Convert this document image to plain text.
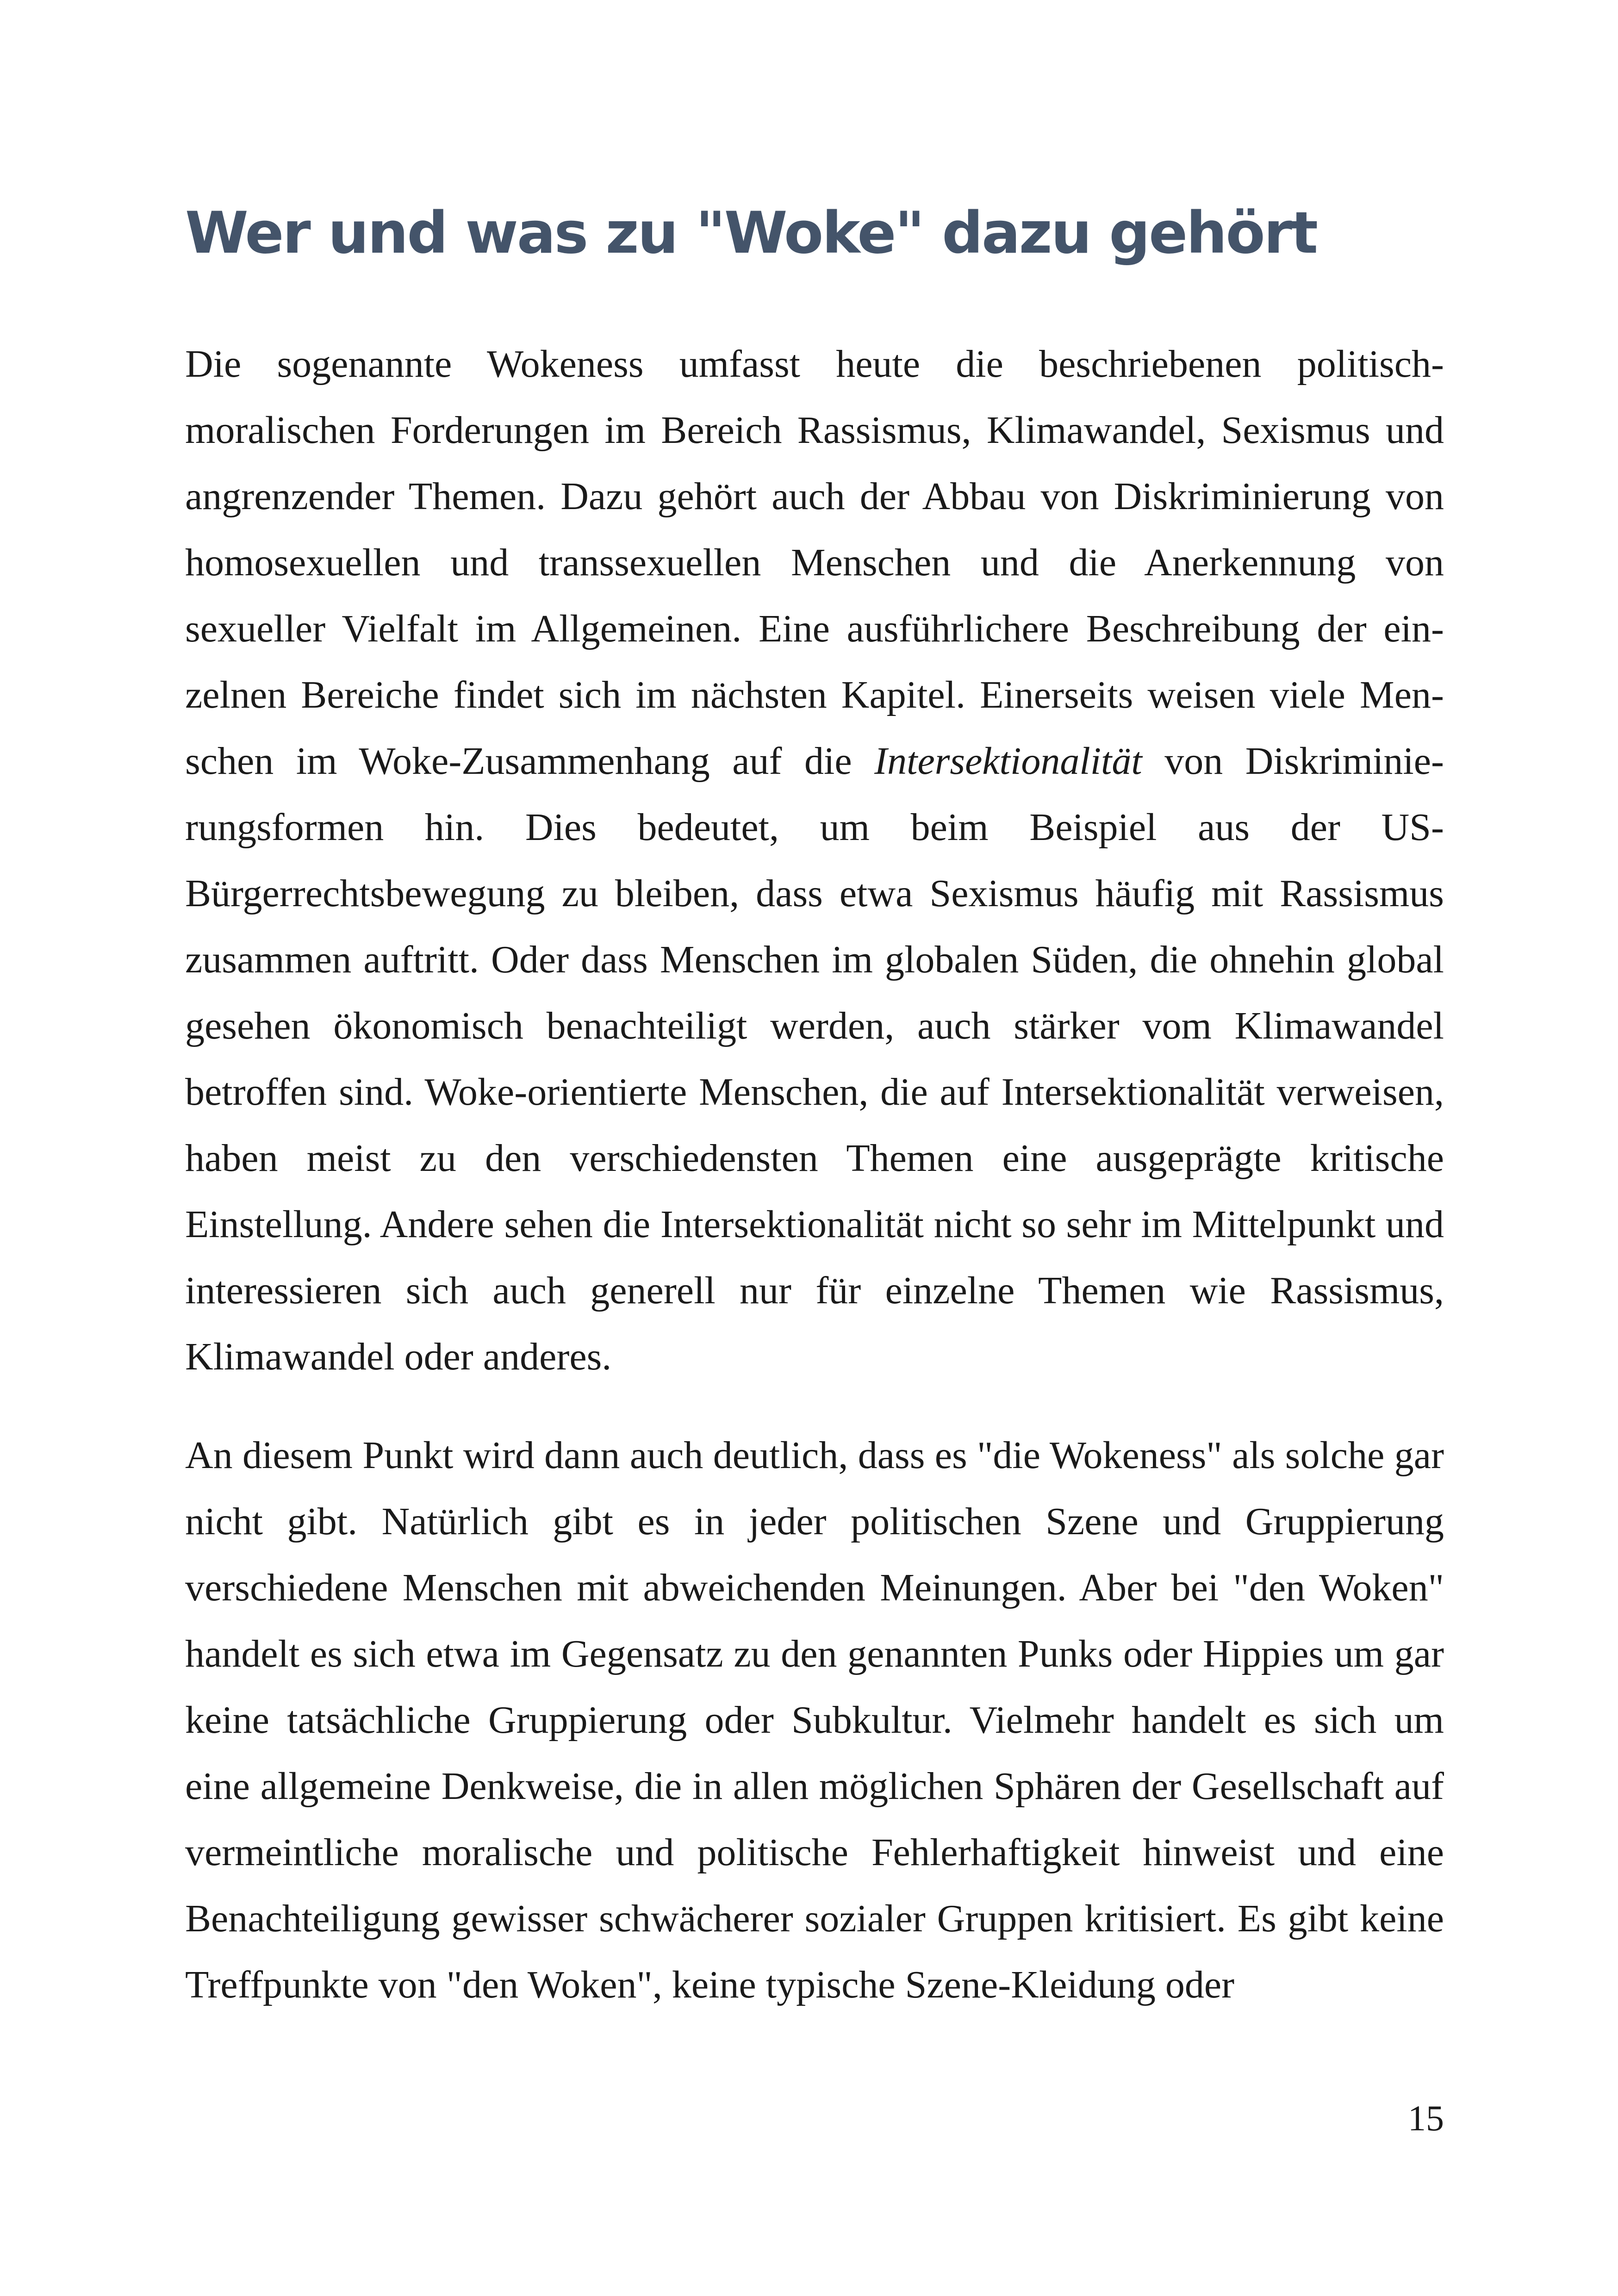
Wer und was zu "Woke" dazu gehört

Die sogenannte Wokeness umfasst heute die beschriebenen politisch-moralischen Forderungen im Bereich Rassismus, Klimawandel, Sexismus und angrenzender Themen. Dazu gehört auch der Abbau von Diskriminierung von homosexuellen und transsexuellen Menschen und die Anerkennung von sexueller Vielfalt im Allgemeinen. Eine ausführlichere Beschreibung der einzelnen Bereiche findet sich im nächsten Kapitel. Einerseits weisen viele Menschen im Woke-Zusammenhang auf die Intersektionalität von Diskriminierungsformen hin. Dies bedeutet, um beim Beispiel aus der US-Bürgerrechtsbewegung zu bleiben, dass etwa Sexismus häufig mit Rassismus zusammen auftritt. Oder dass Menschen im globalen Süden, die ohnehin global gesehen ökonomisch benachteiligt werden, auch stärker vom Klimawandel betroffen sind. Woke-orientierte Menschen, die auf Intersektionalität verweisen, haben meist zu den verschiedensten Themen eine ausgeprägte kritische Einstellung. Andere sehen die Intersektionalität nicht so sehr im Mittelpunkt und interessieren sich auch generell nur für einzelne Themen wie Rassismus, Klimawandel oder anderes.

An diesem Punkt wird dann auch deutlich, dass es "die Wokeness" als solche gar nicht gibt. Natürlich gibt es in jeder politischen Szene und Gruppierung verschiedene Menschen mit abweichenden Meinungen. Aber bei "den Woken" handelt es sich etwa im Gegensatz zu den genannten Punks oder Hippies um gar keine tatsächliche Gruppierung oder Subkultur. Vielmehr handelt es sich um eine allgemeine Denkweise, die in allen möglichen Sphären der Gesellschaft auf vermeintliche moralische und politische Fehlerhaftigkeit hinweist und eine Benachteiligung gewisser schwächerer sozialer Gruppen kritisiert. Es gibt keine Treffpunkte von "den Woken", keine typische Szene-Kleidung oder

15
